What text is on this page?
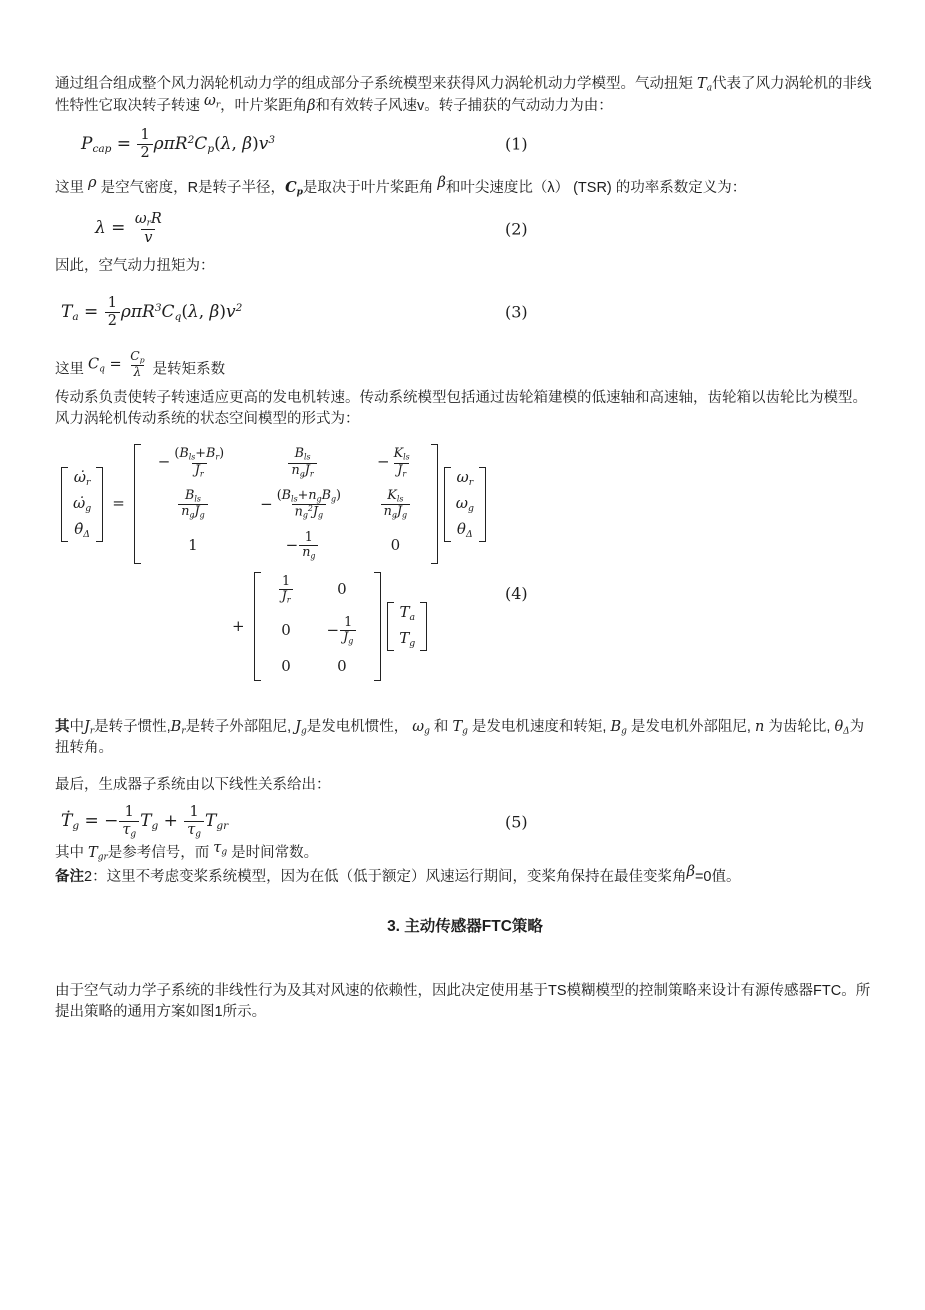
通过组合组成整个风力涡轮机动力学的组成部分子系统模型来获得风力涡轮机动力学模型。气动扭矩 Ta代表了风力涡轮机的非线性特性它取决转子转速 ωr，叶片桨距角β和有效转子风速v。转子捕获的气动动力为由：

Pcap = $\frac{1}{2} \rho\pi R^2Cp(\lambda$, $\beta)v^3$	(1)

这里 ρ 是空气密度，R是转子半径，Cp是取决于叶片桨距角 β和叶尖速度比（λ） (TSR) 的功率系数定义为：

$\lambda = \frac{\text{ωrR}}{v}$	(2)

因此，空气动力扭矩为：

$Ta = \frac{1}{2} \rho\pi R^3Cq(\lambda$, $\beta)v^2$	(3)

这里 $Cq = \frac{Cp}{\lambda}$ 是转矩系数

传动系负责使转子转速适应更高的发电机转速。传动系统模型包括通过齿轮箱建模的低速轴和高速轴，齿轮箱以齿轮比为模型。风力涡轮机传动系统的状态空间模型的形式为：

ω̇r
ω̇g
θ̇Δ
=
− $\frac{\text{(Bls+Br)}}{Jr}$	$\frac{\text{Bls}}{\text{ngJr}}$	− $\frac{\text{Kls}}{Jr}$

$\frac{\text{Bls}}{\text{ngJg}}$	− $\frac{\text{(Bls+ngBg)}}{ng^2Jg}$	$\frac{\text{Kls}}{\text{ngJg}}$

1	− $\frac{1}{ng}$	0
ωr
ωg
θΔ
+
$\frac{1}{Jr}$	0
0	− $\frac{1}{Jg}$

0	0
Ta
Tg
(4)

其中Jr是转子惯性,Br是转子外部阻尼, Jg是发电机惯性， ωg 和 Tg 是发电机速度和转矩, Bg 是发电机外部阻尼, n 为齿轮比, θΔ为扭转角。

最后，生成器子系统由以下线性关系给出：

Ṫg = − $\frac{1}{\tau g}$ $Tg + \frac{1}{\tau g}$ Tgr	(5)

其中 Tgr是参考信号，而 τg 是时间常数。

备注2：这里不考虑变桨系统模型，因为在低（低于额定）风速运行期间，变桨角保持在最佳变桨角β=0值。

3. 主动传感器FTC策略

由于空气动力学子系统的非线性行为及其对风速的依赖性，因此决定使用基于TS模糊模型的控制策略来设计有源传感器FTC。所提出策略的通用方案如图1所示。
